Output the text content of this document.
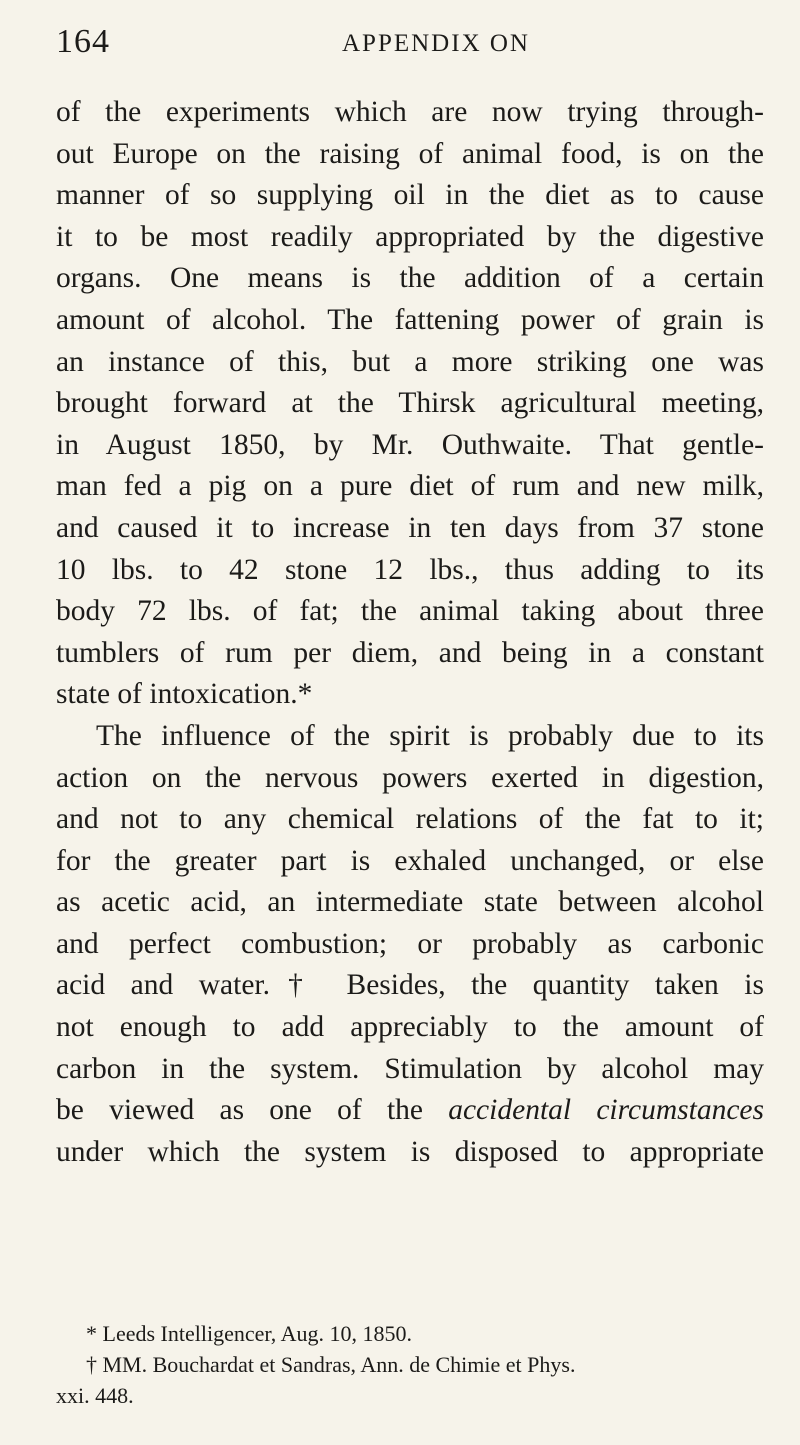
164	APPENDIX ON
of the experiments which are now trying through-
out Europe on the raising of animal food, is on the
manner of so supplying oil in the diet as to cause
it to be most readily appropriated by the digestive
organs. One means is the addition of a certain
amount of alcohol. The fattening power of grain is
an instance of this, but a more striking one was
brought forward at the Thirsk agricultural meeting,
in August 1850, by Mr. Outhwaite. That gentle-
man fed a pig on a pure diet of rum and new milk,
and caused it to increase in ten days from 37 stone
10 lbs. to 42 stone 12 lbs., thus adding to its
body 72 lbs. of fat; the animal taking about three
tumblers of rum per diem, and being in a constant
state of intoxication.*
The influence of the spirit is probably due to its
action on the nervous powers exerted in digestion,
and not to any chemical relations of the fat to it;
for the greater part is exhaled unchanged, or else
as acetic acid, an intermediate state between alcohol
and perfect combustion; or probably as carbonic
acid and water.† Besides, the quantity taken is
not enough to add appreciably to the amount of
carbon in the system. Stimulation by alcohol may
be viewed as one of the accidental circumstances
under which the system is disposed to appropriate
* Leeds Intelligencer, Aug. 10, 1850.
† MM. Bouchardat et Sandras, Ann. de Chimie et Phys.
xxi. 448.
